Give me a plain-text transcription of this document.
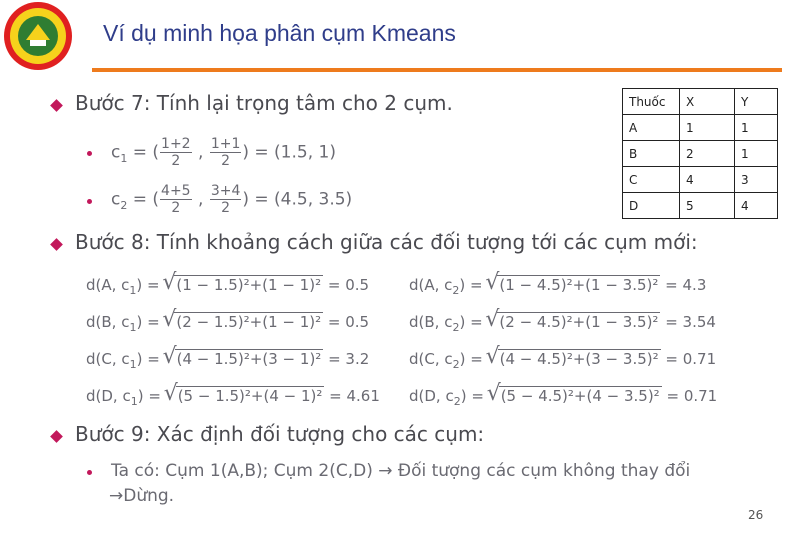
Ví dụ minh họa phân cụm Kmeans
Thuốc	X	Y
A	1	1
B	2	1
C	4	3
D	5	4
Bước 7: Tính lại trọng tâm cho 2 cụm.
$c_1$ = ( $\frac{1+2}{2}$ , $\frac{1+1}{2}$ ) = (1.5, 1)
$c_2$ = ( $\frac{4+5}{2}$ , $\frac{3+4}{2}$ ) = (4.5, 3.5)
Bước 8: Tính khoảng cách giữa các đối tượng tới các cụm mới:
d(A, $c_1$) = √ (1 − 1.5)²+(1 − 1)² = 0.5
d(B, $c_1$) = √ (2 − 1.5)²+(1 − 1)² = 0.5
d(C, $c_1$) = √ (4 − 1.5)²+(3 − 1)² = 3.2
d(D, $c_1$) = √ (5 − 1.5)²+(4 − 1)² = 4.61
d(A, $c_2$) = √ (1 − 4.5)²+(1 − 3.5)² = 4.3
d(B, $c_2$) = √ (2 − 4.5)²+(1 − 3.5)² = 3.54
d(C, $c_2$) = √ (4 − 4.5)²+(3 − 3.5)² = 0.71
d(D, $c_2$) = √ (5 − 4.5)²+(4 − 3.5)² = 0.71
Bước 9: Xác định đối tượng cho các cụm:
Ta có: Cụm 1(A,B); Cụm 2(C,D) → Đối tượng các cụm không thay đổi
→Dừng.
26
